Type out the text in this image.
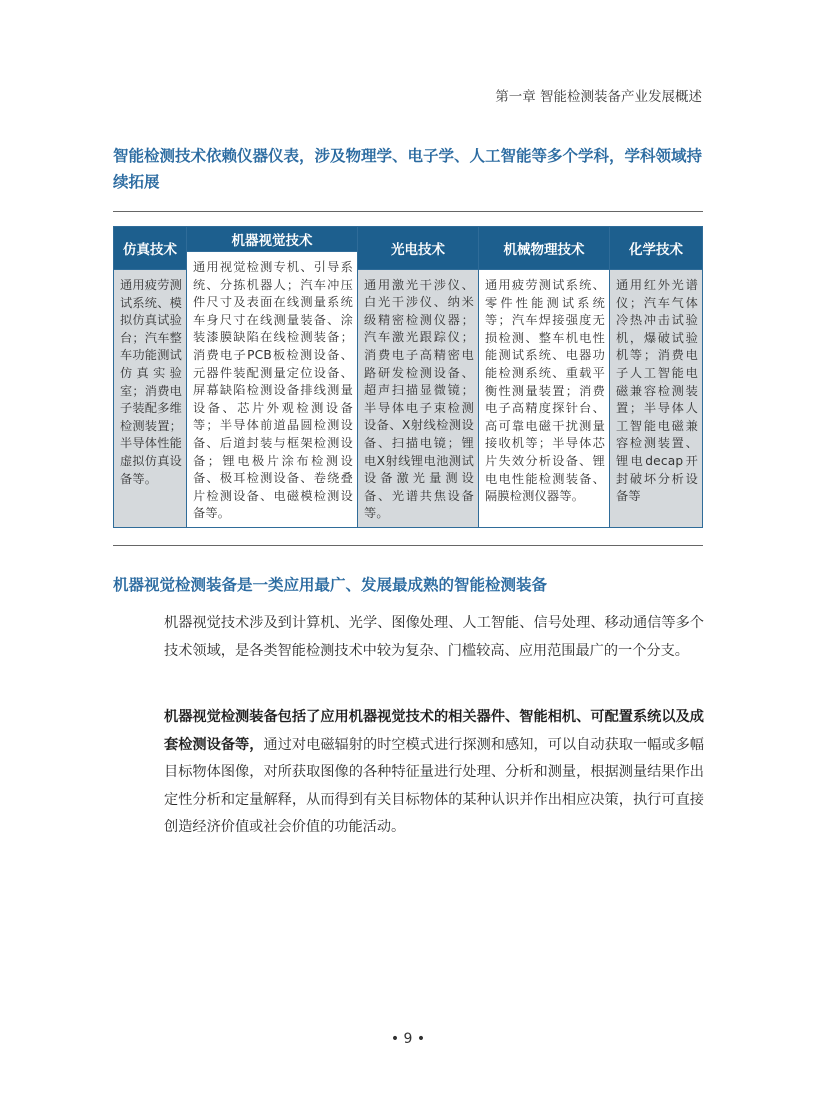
第一章 智能检测装备产业发展概述
智能检测技术依赖仪器仪表，涉及物理学、电子学、人工智能等多个学科，学科领域持续拓展
仿真技术
通用疲劳测试系统、模拟仿真试验台；汽车整车功能测试仿真实验室；消费电子装配多维检测装置；半导体性能虚拟仿真设备等。
机器视觉技术
通用视觉检测专机、引导系统、分拣机器人；汽车冲压件尺寸及表面在线测量系统车身尺寸在线测量装备、涂装漆膜缺陷在线检测装备；消费电子PCB板检测设备、元器件装配测量定位设备、屏幕缺陷检测设备排线测量设备、芯片外观检测设备等；半导体前道晶圆检测设备、后道封装与框架检测设备；锂电极片涂布检测设备、极耳检测设备、卷绕叠片检测设备、电磁模检测设备等。
光电技术
通用激光干涉仪、白光干涉仪、纳米级精密检测仪器；汽车激光跟踪仪；消费电子高精密电路研发检测设备、超声扫描显微镜；半导体电子束检测设备、X射线检测设备、扫描电镜；锂电X射线锂电池测试设备激光量测设备、光谱共焦设备等。
机械物理技术
通用疲劳测试系统、零件性能测试系统等；汽车焊接强度无损检测、整车机电性能测试系统、电器功能检测系统、重载平衡性测量装置；消费电子高精度探针台、高可靠电磁干扰测量接收机等；半导体芯片失效分析设备、锂电电性能检测装备、隔膜检测仪器等。
化学技术
通用红外光谱仪；汽车气体冷热冲击试验机，爆破试验机等；消费电子人工智能电磁兼容检测装置；半导体人工智能电磁兼容检测装置、锂电decap开封破坏分析设备等
机器视觉检测装备是一类应用最广、发展最成熟的智能检测装备
机器视觉技术涉及到计算机、光学、图像处理、人工智能、信号处理、移动通信等多个技术领域，是各类智能检测技术中较为复杂、门槛较高、应用范围最广的一个分支。
机器视觉检测装备包括了应用机器视觉技术的相关器件、智能相机、可配置系统以及成套检测设备等，通过对电磁辐射的时空模式进行探测和感知，可以自动获取一幅或多幅目标物体图像，对所获取图像的各种特征量进行处理、分析和测量，根据测量结果作出定性分析和定量解释，从而得到有关目标物体的某种认识并作出相应决策，执行可直接创造经济价值或社会价值的功能活动。
• 9 •
